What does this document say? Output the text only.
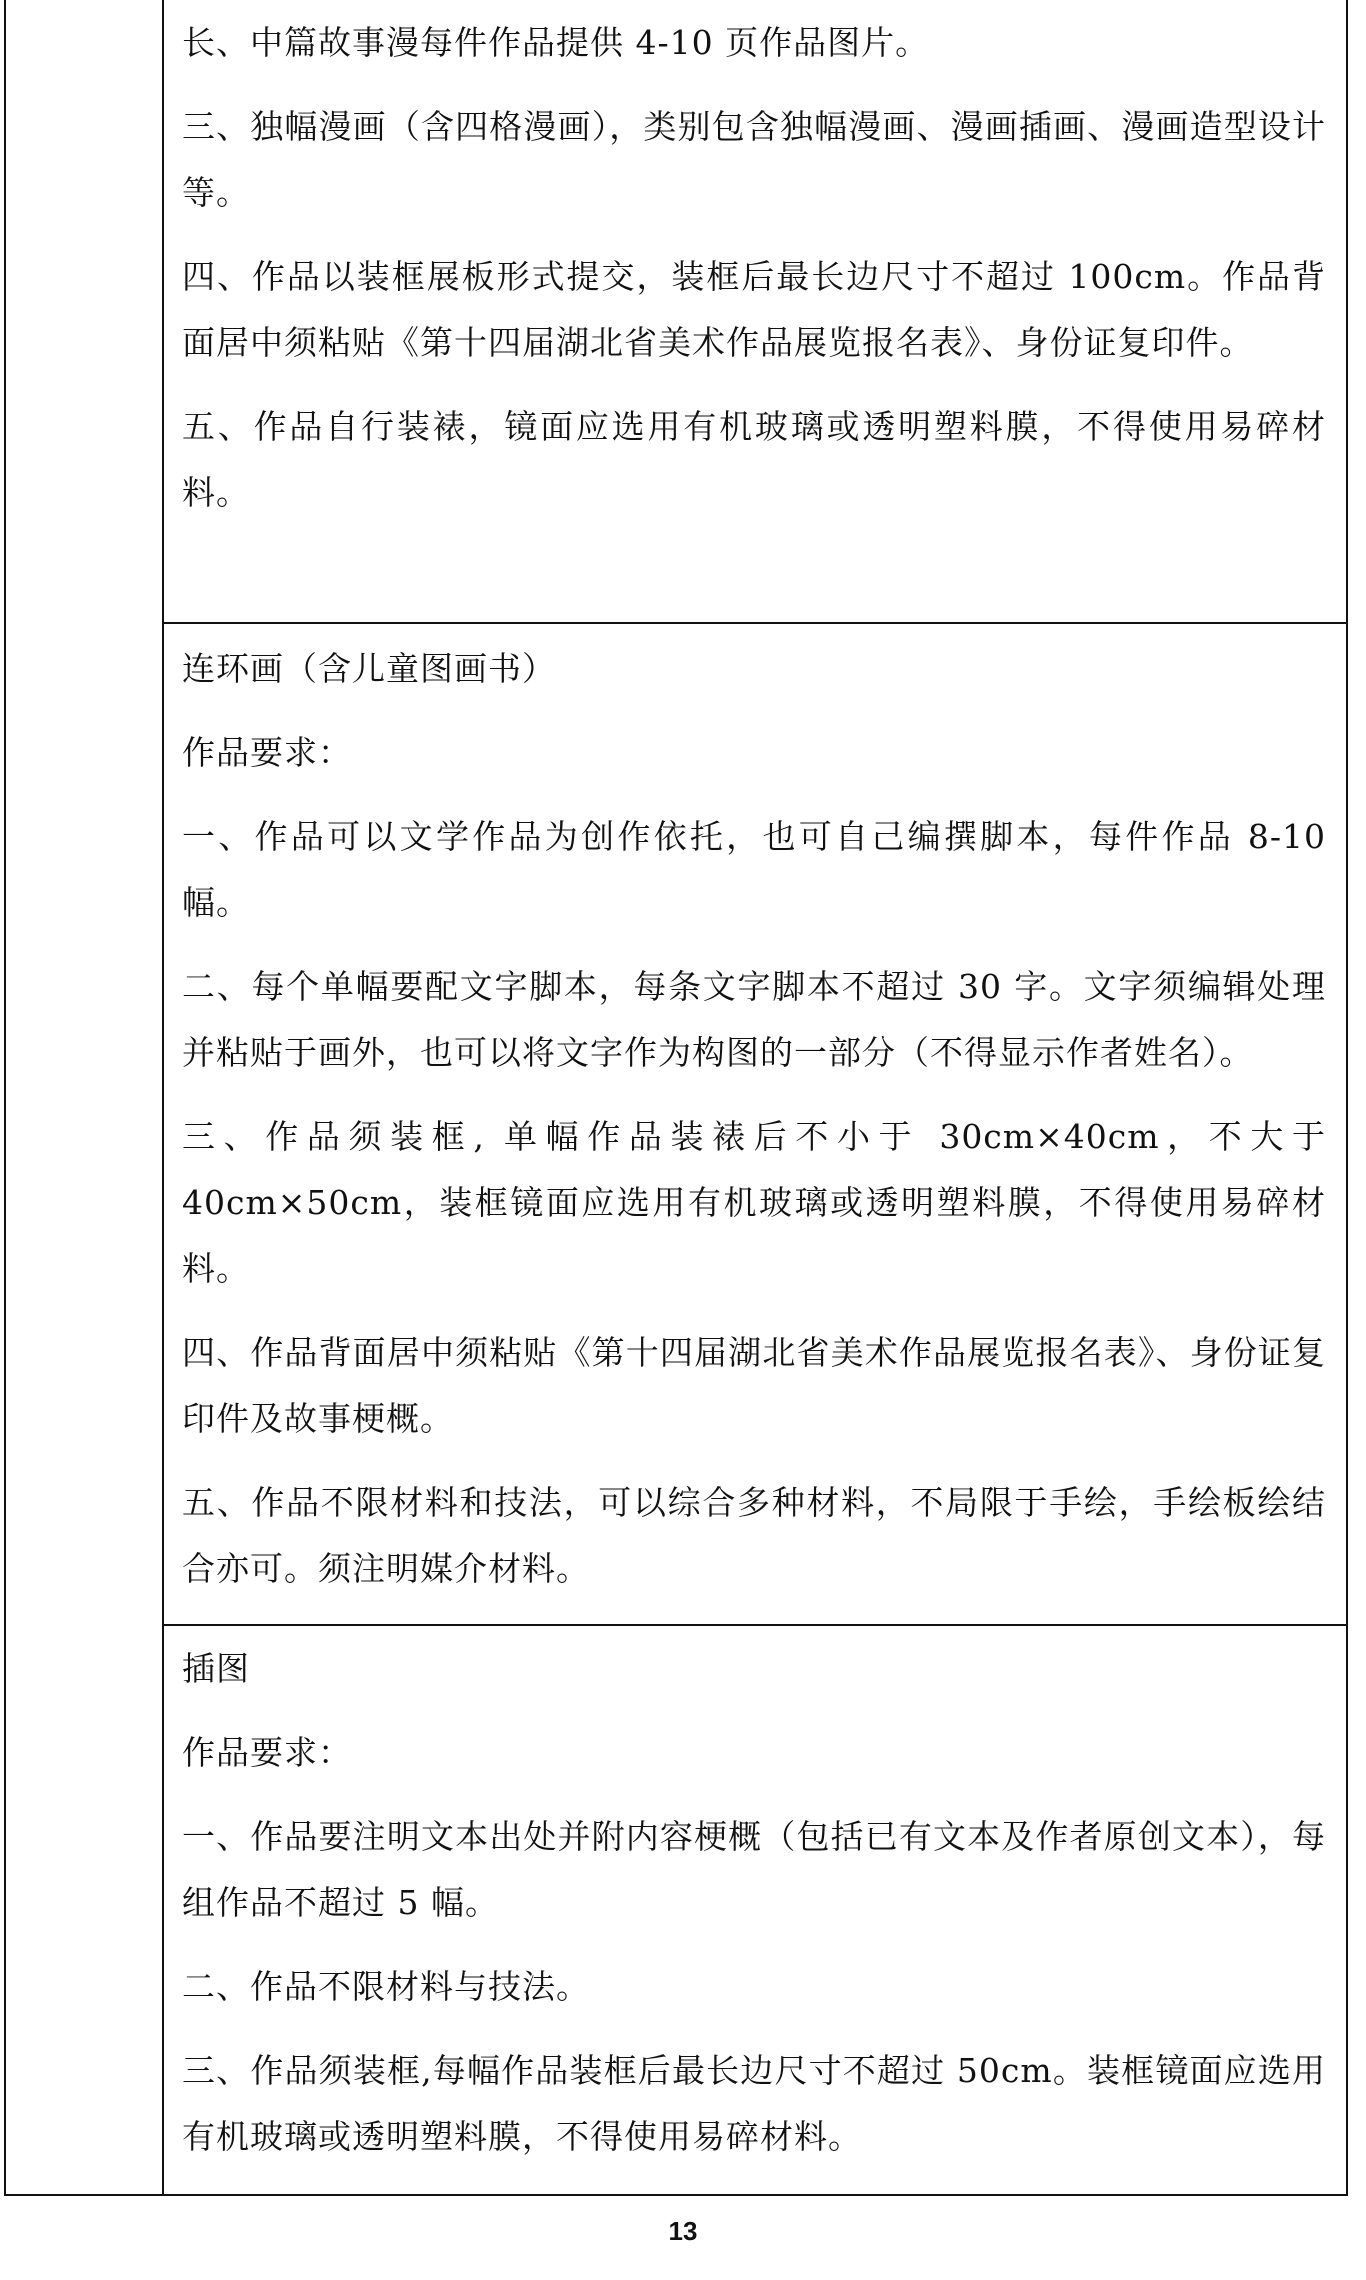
长、中篇故事漫每件作品提供 4-10 页作品图片。

三、独幅漫画（含四格漫画），类别包含独幅漫画、漫画插画、漫画造型设计等。

四、作品以装框展板形式提交，装框后最长边尺寸不超过 100cm。作品背面居中须粘贴《第十四届湖北省美术作品展览报名表》、身份证复印件。

五、作品自行装裱，镜面应选用有机玻璃或透明塑料膜，不得使用易碎材料。

连环画（含儿童图画书）

作品要求：

一、作品可以文学作品为创作依托，也可自己编撰脚本，每件作品 8-10 幅。

二、每个单幅要配文字脚本，每条文字脚本不超过 30 字。文字须编辑处理并粘贴于画外，也可以将文字作为构图的一部分（不得显示作者姓名）。

三、作品须装框, 单幅作品装裱后不小于 30cm×40cm，不大于 40cm×50cm，装框镜面应选用有机玻璃或透明塑料膜，不得使用易碎材料。

四、作品背面居中须粘贴《第十四届湖北省美术作品展览报名表》、身份证复印件及故事梗概。

五、作品不限材料和技法，可以综合多种材料，不局限于手绘，手绘板绘结合亦可。须注明媒介材料。

插图

作品要求：

一、作品要注明文本出处并附内容梗概（包括已有文本及作者原创文本），每组作品不超过 5 幅。

二、作品不限材料与技法。

三、作品须装框,每幅作品装框后最长边尺寸不超过 50cm。装框镜面应选用有机玻璃或透明塑料膜，不得使用易碎材料。

13
